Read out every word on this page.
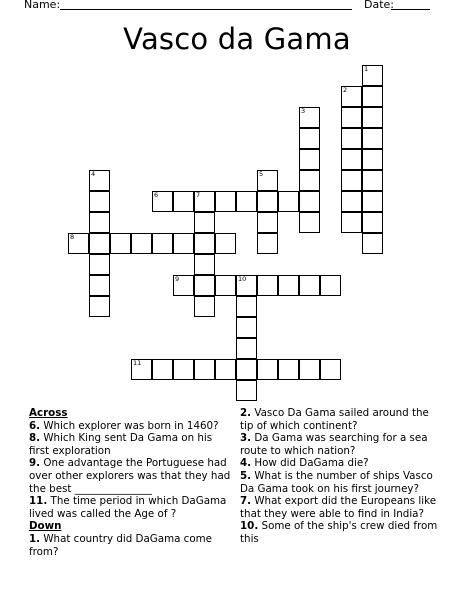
Name:	Date:
Vasco da Gama
1
2
3
4	5
6	7
8
9	10
11
Across
6. Which explorer was born in 1460?
8. Which King sent Da Gama on his first exploration
9. One advantage the Portuguese had over other explorers was that they had the best _______________
11. The time period in which DaGama lived was called the Age of ?
Down
1. What country did DaGama come from?
2. Vasco Da Gama sailed around the tip of which continent?
3. Da Gama was searching for a sea route to which nation?
4. How did DaGama die?
5. What is the number of ships Vasco Da Gama took on his first journey?
7. What export did the Europeans like that they were able to find in India?
10. Some of the ship's crew died from this
